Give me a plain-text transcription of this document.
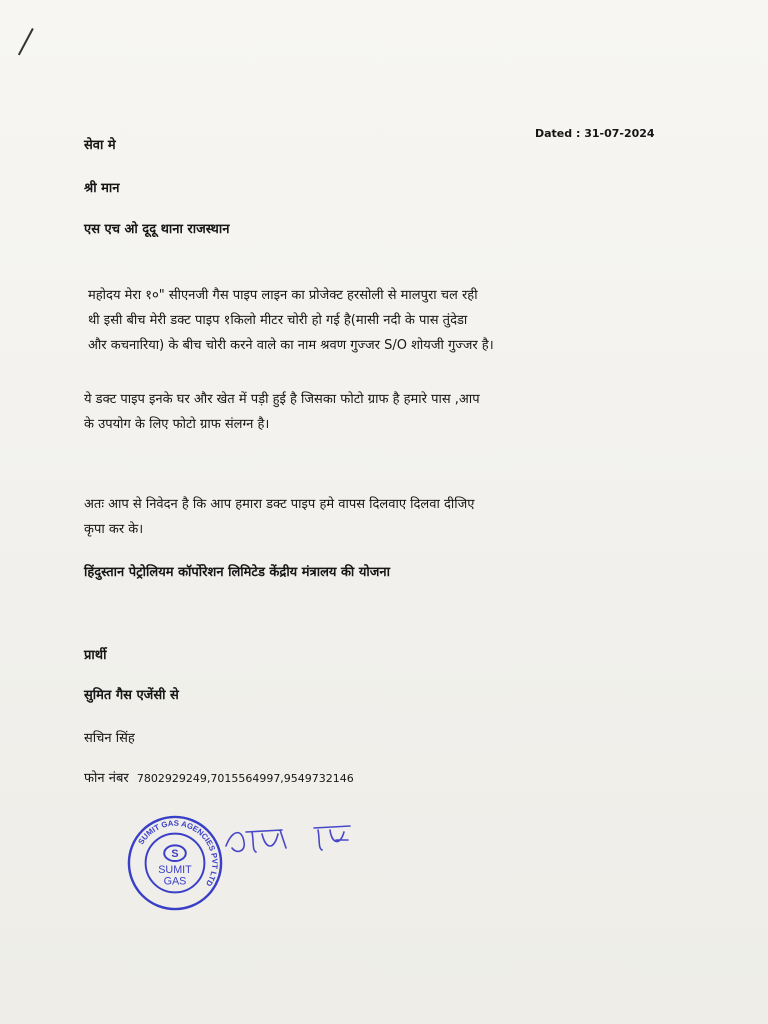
Dated : 31-07-2024
सेवा मे
श्री मान
एस एच ओ दूदू थाना राजस्थान
महोदय मेरा १०" सीएनजी गैस पाइप लाइन का प्रोजेक्ट हरसोली से मालपुरा चल रही
थी इसी बीच मेरी डक्ट पाइप १किलो मीटर चोरी हो गई है(मासी नदी के पास तुंदेडा
और कचनारिया) के बीच चोरी करने वाले का नाम श्रवण गुज्जर S/O शोयजी गुज्जर है।
ये डक्ट पाइप इनके घर और खेत में पड़ी हुई है जिसका फोटो ग्राफ है हमारे पास ,आप
के उपयोग के लिए फोटो ग्राफ संलग्न है।
अतः आप से निवेदन है कि आप हमारा डक्ट पाइप हमे वापस दिलवाए दिलवा दीजिए
कृपा कर के।
हिंदुस्तान पेट्रोलियम कॉर्पोरेशन लिमिटेड केंद्रीय मंत्रालय की योजना
प्रार्थी
सुमित गैस एजेंसी से
सचिन सिंह
फोन नंबर 7802929249,7015564997,9549732146
SUMIT GAS AGENCIES PVT LTD
S
SUMIT
GAS
